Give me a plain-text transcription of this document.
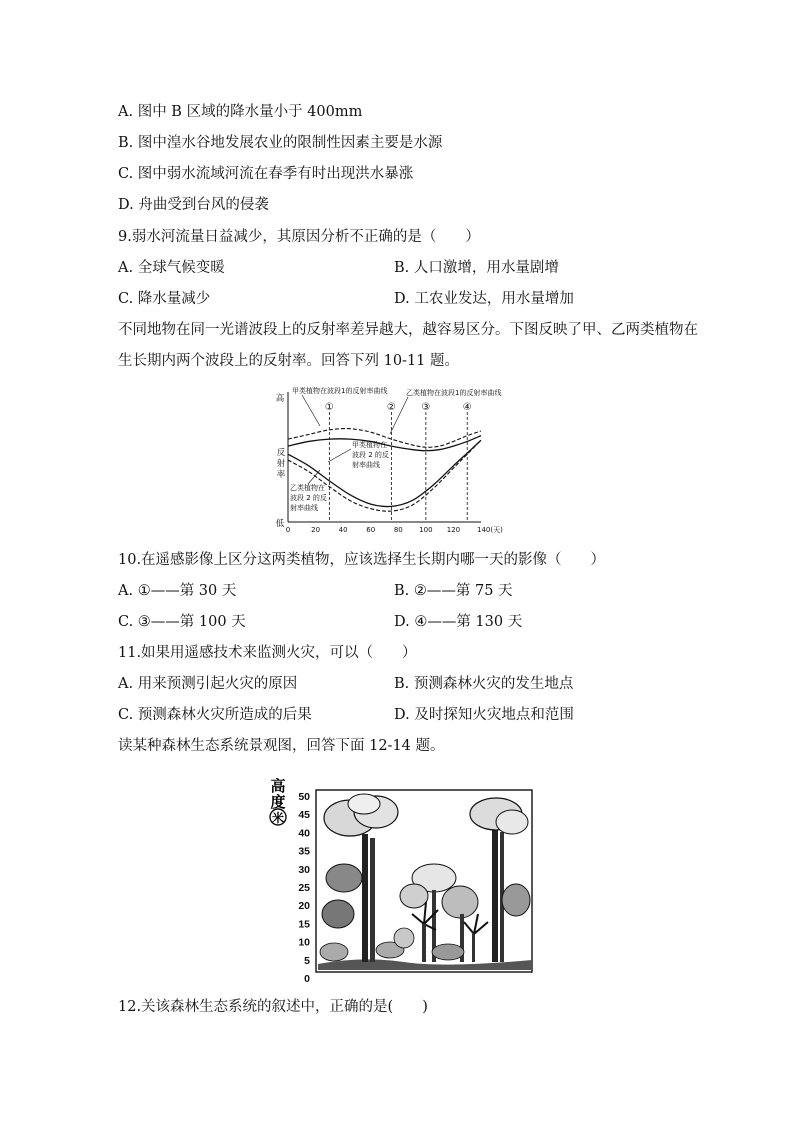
A. 图中 B 区域的降水量小于 400mm
B. 图中湟水谷地发展农业的限制性因素主要是水源
C. 图中弱水流域河流在春季有时出现洪水暴涨
D. 舟曲受到台风的侵袭
9.弱水河流量日益减少，其原因分析不正确的是（　　）
A. 全球气候变暖	B. 人口激增，用水量剧增
C. 降水量减少	D. 工农业发达，用水量增加
不同地物在同一光谱波段上的反射率差异越大，越容易区分。下图反映了甲、乙两类植物在
生长期内两个波段上的反射率。回答下列 10-11 题。
高
低
反
射
率
0	20	40	60	80 100 120 140(天)
①	②	③	④
甲类植物在波段1的反射率曲线	乙类植物在波段1的反射率曲线
甲类植物在
波段 2 的反
射率曲线
乙类植物在
波段 2 的反
射率曲线
10.在遥感影像上区分这两类植物，应该选择生长期内哪一天的影像（　　）
A. ①——第 30 天	B. ②——第 75 天
C. ③——第 100 天	D. ④——第 130 天
11.如果用遥感技术来监测火灾，可以（　　）
A. 用来预测引起火灾的原因	B. 预测森林火灾的发生地点
C. 预测森林火灾所造成的后果	D. 及时探知火灾地点和范围
读某种森林生态系统景观图，回答下面 12-14 题。
高
度
米
50
45
40
35
30
25
20
15
10
5
0
12.关该森林生态系统的叙述中，正确的是(　　)
